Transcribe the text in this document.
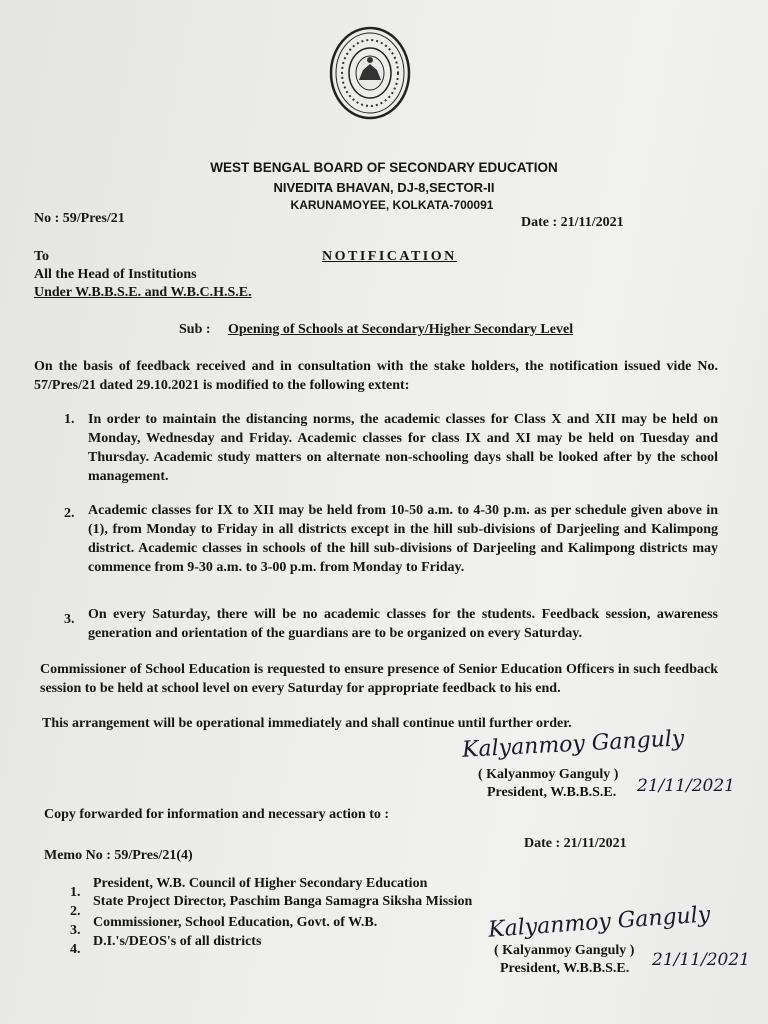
WEST BENGAL BOARD OF SECONDARY EDUCATION
NIVEDITA BHAVAN, DJ-8,SECTOR-II
KARUNAMOYEE, KOLKATA-700091
No : 59/Pres/21	Date : 21/11/2021
To
All the Head of Institutions
Under W.B.B.S.E. and W.B.C.H.S.E.
NOTIFICATION
Sub : Opening of Schools at Secondary/Higher Secondary Level
On the basis of feedback received and in consultation with the stake holders, the notification issued vide No. 57/Pres/21 dated 29.10.2021 is modified to the following extent:
1. In order to maintain the distancing norms, the academic classes for Class X and XII may be held on Monday, Wednesday and Friday. Academic classes for class IX and XI may be held on Tuesday and Thursday. Academic study matters on alternate non-schooling days shall be looked after by the school management.
2. Academic classes for IX to XII may be held from 10-50 a.m. to 4-30 p.m. as per schedule given above in (1), from Monday to Friday in all districts except in the hill sub-divisions of Darjeeling and Kalimpong district. Academic classes in schools of the hill sub-divisions of Darjeeling and Kalimpong districts may commence from 9-30 a.m. to 3-00 p.m. from Monday to Friday.
3. On every Saturday, there will be no academic classes for the students. Feedback session, awareness generation and orientation of the guardians are to be organized on every Saturday.
Commissioner of School Education is requested to ensure presence of Senior Education Officers in such feedback session to be held at school level on every Saturday for appropriate feedback to his end.
This arrangement will be operational immediately and shall continue until further order.
Kalyanmoy Ganguly
( Kalyanmoy Ganguly )
President, W.B.B.S.E. 21/11/2021
Copy forwarded for information and necessary action to :
Date : 21/11/2021
Memo No : 59/Pres/21(4)
1.
President, W.B. Council of Higher Secondary Education
2.
State Project Director, Paschim Banga Samagra Siksha Mission
3.
Commissioner, School Education, Govt. of W.B.
4.
D.I.'s/DEOS's of all districts	Kalyanmoy Ganguly
( Kalyanmoy Ganguly )
President, W.B.B.S.E. 21/11/2021
